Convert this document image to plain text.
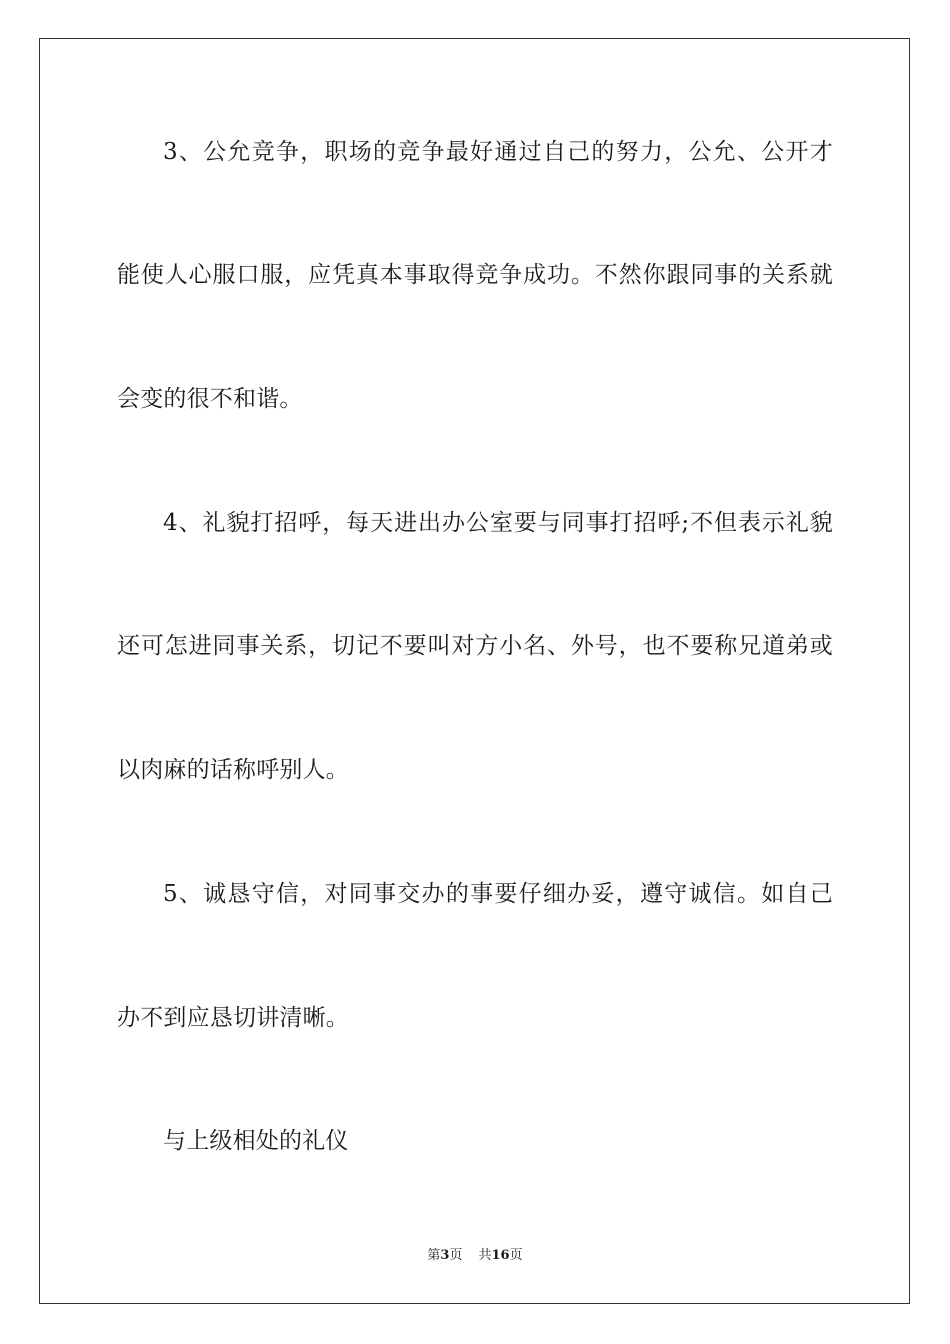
3、公允竞争，职场的竞争最好通过自己的努力，公允、公开才
能使人心服口服，应凭真本事取得竞争成功。不然你跟同事的关系就
会变的很不和谐。
4、礼貌打招呼，每天进出办公室要与同事打招呼;不但表示礼貌
还可怎进同事关系，切记不要叫对方小名、外号，也不要称兄道弟或
以肉麻的话称呼别人。
5、诚恳守信，对同事交办的事要仔细办妥，遵守诚信。如自己
办不到应恳切讲清晰。
与上级相处的礼仪
第3页 共16页
